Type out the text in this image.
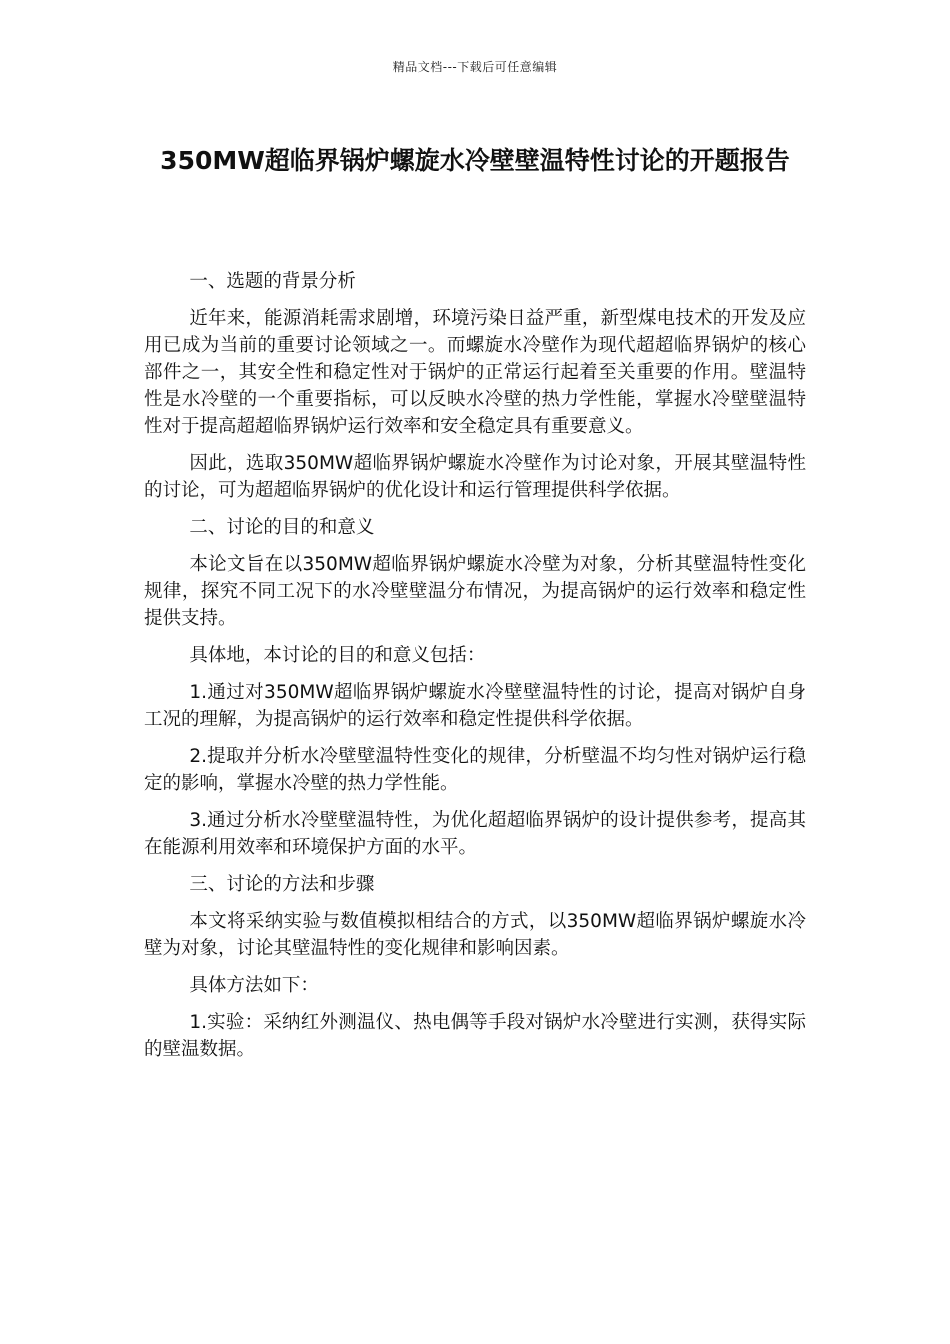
精品文档---下载后可任意编辑
350MW超临界锅炉螺旋水冷壁壁温特性讨论的开题报告

一、选题的背景分析

近年来，能源消耗需求剧增，环境污染日益严重，新型煤电技术的开发及应用已成为当前的重要讨论领域之一。而螺旋水冷壁作为现代超超临界锅炉的核心部件之一，其安全性和稳定性对于锅炉的正常运行起着至关重要的作用。壁温特性是水冷壁的一个重要指标，可以反映水冷壁的热力学性能，掌握水冷壁壁温特性对于提高超超临界锅炉运行效率和安全稳定具有重要意义。

因此，选取350MW超临界锅炉螺旋水冷壁作为讨论对象，开展其壁温特性的讨论，可为超超临界锅炉的优化设计和运行管理提供科学依据。

二、讨论的目的和意义

本论文旨在以350MW超临界锅炉螺旋水冷壁为对象，分析其壁温特性变化规律，探究不同工况下的水冷壁壁温分布情况，为提高锅炉的运行效率和稳定性提供支持。

具体地，本讨论的目的和意义包括：

1.通过对350MW超临界锅炉螺旋水冷壁壁温特性的讨论，提高对锅炉自身工况的理解，为提高锅炉的运行效率和稳定性提供科学依据。

2.提取并分析水冷壁壁温特性变化的规律，分析壁温不均匀性对锅炉运行稳定的影响，掌握水冷壁的热力学性能。

3.通过分析水冷壁壁温特性，为优化超超临界锅炉的设计提供参考，提高其在能源利用效率和环境保护方面的水平。

三、讨论的方法和步骤

本文将采纳实验与数值模拟相结合的方式，以350MW超临界锅炉螺旋水冷壁为对象，讨论其壁温特性的变化规律和影响因素。

具体方法如下：

1.实验：采纳红外测温仪、热电偶等手段对锅炉水冷壁进行实测，获得实际的壁温数据。
